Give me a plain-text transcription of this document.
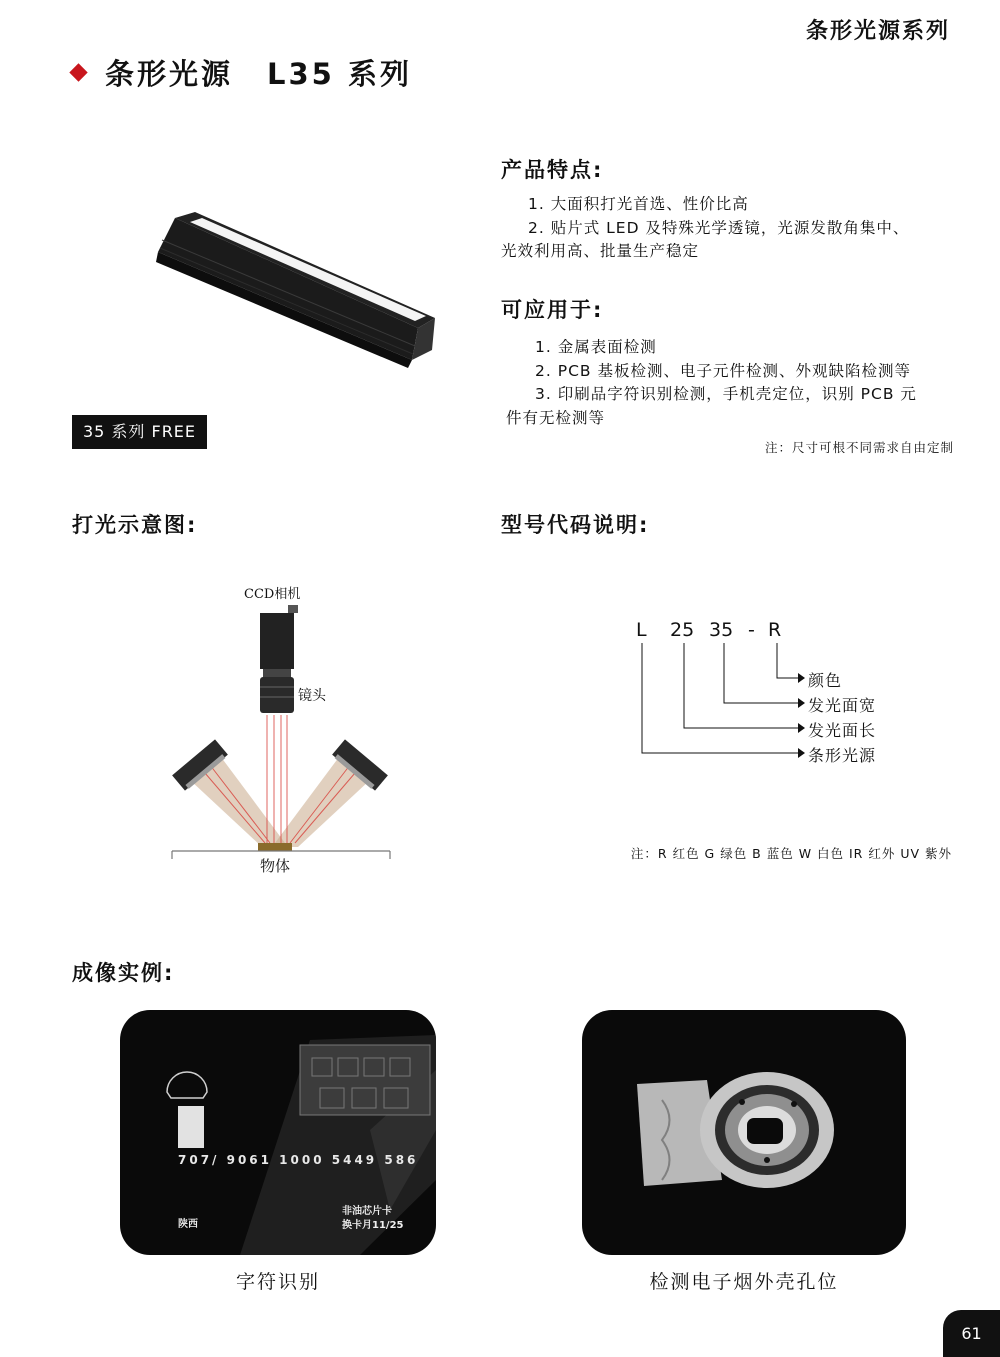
条形光源系列
条形光源 L35 系列
35 系列 FREE
产品特点:
1. 大面积打光首选、性价比高
2. 贴片式 LED 及特殊光学透镜，光源发散角集中、
光效利用高、批量生产稳定
可应用于:
1. 金属表面检测
2. PCB 基板检测、电子元件检测、外观缺陷检测等
3. 印刷品字符识别检测，手机壳定位，识别 PCB 元
件有无检测等
注：尺寸可根不同需求自由定制
打光示意图:
CCD相机
镜头
物体
型号代码说明:
L 25 35 - R
颜色
发光面宽
发光面长
条形光源
注：R 红色 G 绿色 B 蓝色 W 白色 IR 红外 UV 紫外
成像实例:
707/ 9061 1000 5449 586
陕西
非油芯片卡
换卡月11/25
字符识别	检测电子烟外壳孔位
61
